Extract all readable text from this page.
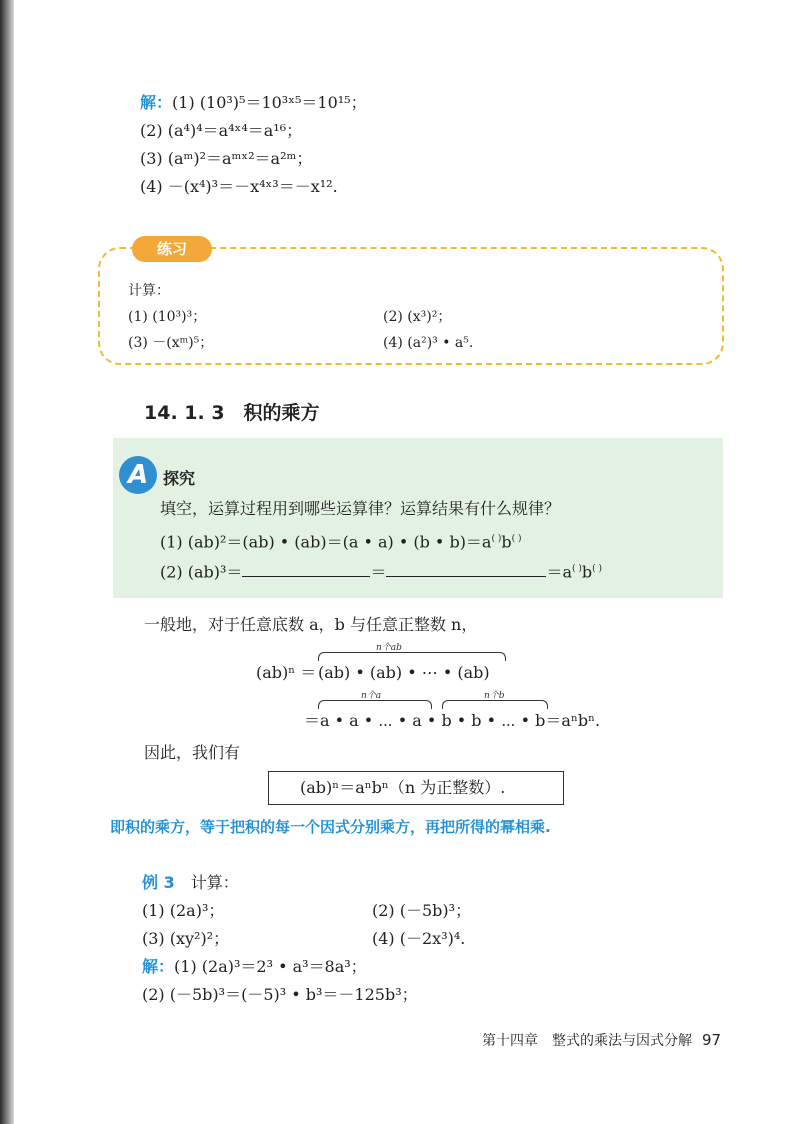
解：(1) (10³)⁵＝10³ˣ⁵＝10¹⁵；
(2) (a⁴)⁴＝a⁴ˣ⁴＝a¹⁶；
(3) (aᵐ)²＝aᵐˣ²＝a²ᵐ；
(4) －(x⁴)³＝－x⁴ˣ³＝－x¹².
练习
计算：
(1) (10³)³；	(2) (x³)²；
(3) －(xᵐ)⁵；	(4) (a²)³ • a⁵.
14. 1. 3　积的乘方
A 探究
填空，运算过程用到哪些运算律？运算结果有什么规律？
(1) (ab)²＝(ab) • (ab)＝(a • a) • (b • b)＝a( )b( )
(2) (ab)³＝	＝	＝a( )b( )
一般地，对于任意底数 a，b 与任意正整数 n，
n个ab
(ab)ⁿ ＝ (ab) • (ab) • ⋯ • (ab)
n个a	n个b
＝a • a • ⋯ • a • b • b • ⋯ • b＝aⁿbⁿ.
因此，我们有
(ab)ⁿ＝aⁿbⁿ（n 为正整数）.
即积的乘方，等于把积的每一个因式分别乘方，再把所得的幂相乘.
例 3　 计算：
(1) (2a)³；	(2) (－5b)³；
(3) (xy²)²；	(4) (－2x³)⁴.
解：(1) (2a)³＝2³ • a³＝8a³；
(2) (－5b)³＝(－5)³ • b³＝－125b³；
第十四章　整式的乘法与因式分解 97
